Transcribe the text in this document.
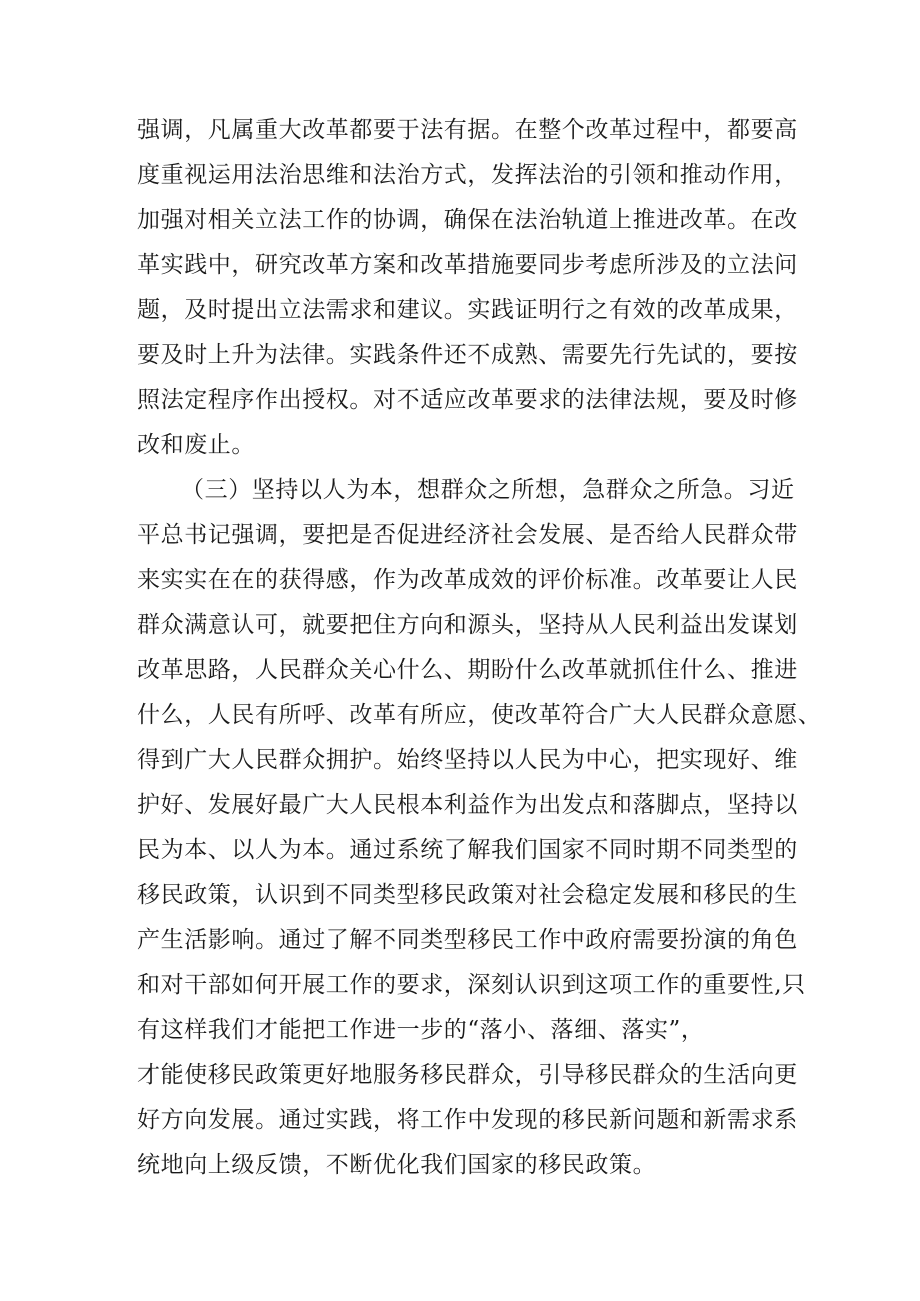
强调，凡属重大改革都要于法有据。在整个改革过程中，都要高
度重视运用法治思维和法治方式，发挥法治的引领和推动作用，
加强对相关立法工作的协调，确保在法治轨道上推进改革。在改
革实践中，研究改革方案和改革措施要同步考虑所涉及的立法问
题，及时提出立法需求和建议。实践证明行之有效的改革成果，
要及时上升为法律。实践条件还不成熟、需要先行先试的，要按
照法定程序作出授权。对不适应改革要求的法律法规，要及时修
改和废止。
（三）坚持以人为本，想群众之所想，急群众之所急。习近
平总书记强调，要把是否促进经济社会发展、是否给人民群众带
来实实在在的获得感，作为改革成效的评价标准。改革要让人民
群众满意认可，就要把住方向和源头，坚持从人民利益出发谋划
改革思路，人民群众关心什么、期盼什么改革就抓住什么、推进
什么，人民有所呼、改革有所应，使改革符合广大人民群众意愿、
得到广大人民群众拥护。始终坚持以人民为中心，把实现好、维
护好、发展好最广大人民根本利益作为出发点和落脚点，坚持以
民为本、以人为本。通过系统了解我们国家不同时期不同类型的
移民政策，认识到不同类型移民政策对社会稳定发展和移民的生
产生活影响。通过了解不同类型移民工作中政府需要扮演的角色
和对干部如何开展工作的要求，深刻认识到这项工作的重要性,只
有这样我们才能把工作进一步的“落小、落细、落实”，
才能使移民政策更好地服务移民群众，引导移民群众的生活向更
好方向发展。通过实践，将工作中发现的移民新问题和新需求系
统地向上级反馈，不断优化我们国家的移民政策。
